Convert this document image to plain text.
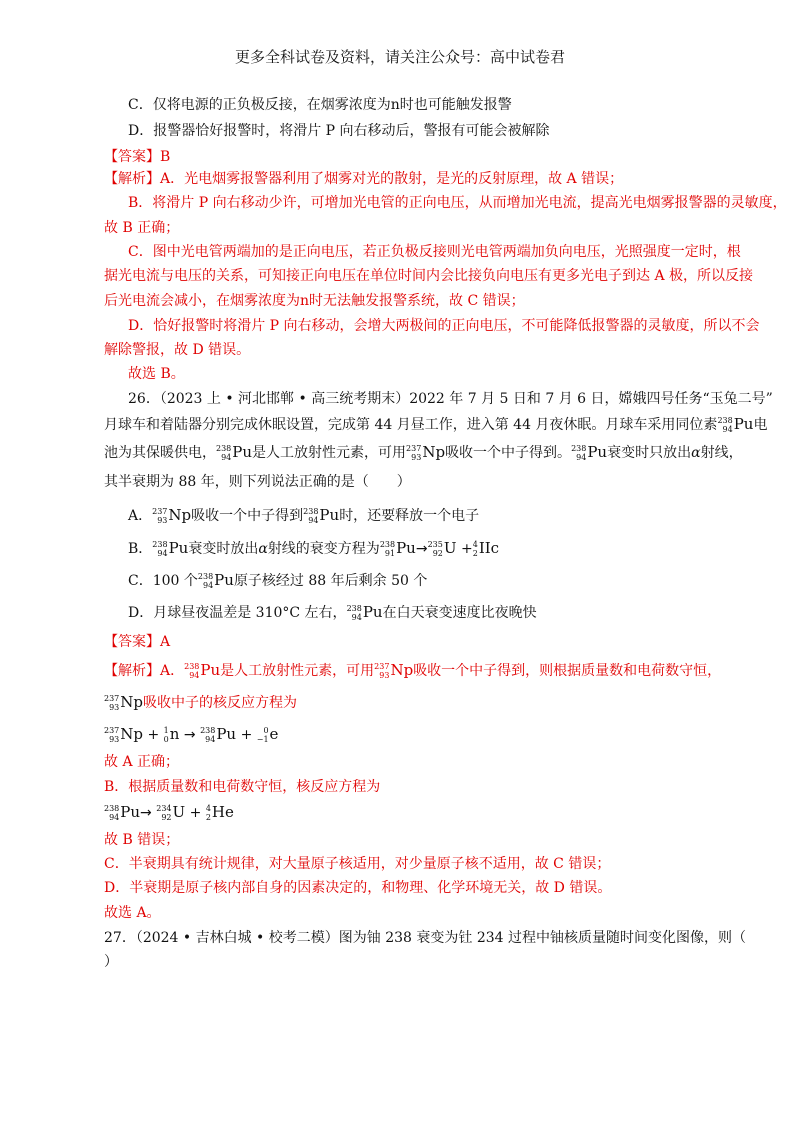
更多全科试卷及资料，请关注公众号：高中试卷君
C．仅将电源的正负极反接，在烟雾浓度为n时也可能触发报警
D．报警器恰好报警时，将滑片 P 向右移动后，警报有可能会被解除
【答案】B
【解析】A．光电烟雾报警器利用了烟雾对光的散射，是光的反射原理，故 A 错误；
B．将滑片 P 向右移动少许，可增加光电管的正向电压，从而增加光电流，提高光电烟雾报警器的灵敏度，
故 B 正确；
C．图中光电管两端加的是正向电压，若正负极反接则光电管两端加负向电压，光照强度一定时，根
据光电流与电压的关系，可知接正向电压在单位时间内会比接负向电压有更多光电子到达 A 极，所以反接
后光电流会减小，在烟雾浓度为n时无法触发报警系统，故 C 错误；
D．恰好报警时将滑片 P 向右移动，会增大两极间的正向电压，不可能降低报警器的灵敏度，所以不会
解除警报，故 D 错误。
故选 B。
26．（2023 上 • 河北邯郸 • 高三统考期末）2022 年 7 月 5 日和 7 月 6 日，嫦娥四号任务“玉兔二号”
月球车和着陆器分别完成休眠设置，完成第 44 月昼工作，进入第 44 月夜休眠。月球车采用同位素 238
94 Pu电
池为其保暖供电， 238
94 Pu是人工放射性元素，可用 237
93 Np吸收一个中子得到。 238
94 Pu衰变时只放出α射线，
其半衰期为 88 年，则下列说法正确的是（　　）
A． 237
93 Np吸收一个中子得到 238
94 Pu时，还要释放一个电子
B． 238
94 Pu衰变时放出α射线的衰变方程为 238
91 Pu→ 235
92 U + 4
2 IIc
C．100 个 238
94 Pu原子核经过 88 年后剩余 50 个
D．月球昼夜温差是 310°C 左右， 238
94 Pu在白天衰变速度比夜晚快
【答案】A
【解析】A． 238
94 Pu是人工放射性元素，可用 237
93 Np吸收一个中子得到，则根据质量数和电荷数守恒，
237
93 Np吸收中子的核反应方程为
237
93 Np + 1
0 n → 238
94 Pu + 0
−1 e
故 A 正确；
B．根据质量数和电荷数守恒，核反应方程为
238
94 Pu→ 234
92 U + 4
2 He
故 B 错误；
C．半衰期具有统计规律，对大量原子核适用，对少量原子核不适用，故 C 错误；
D．半衰期是原子核内部自身的因素决定的，和物理、化学环境无关，故 D 错误。
故选 A。
27．（2024 • 吉林白城 • 校考二模）图为铀 238 衰变为钍 234 过程中铀核质量随时间变化图像，则（
）
